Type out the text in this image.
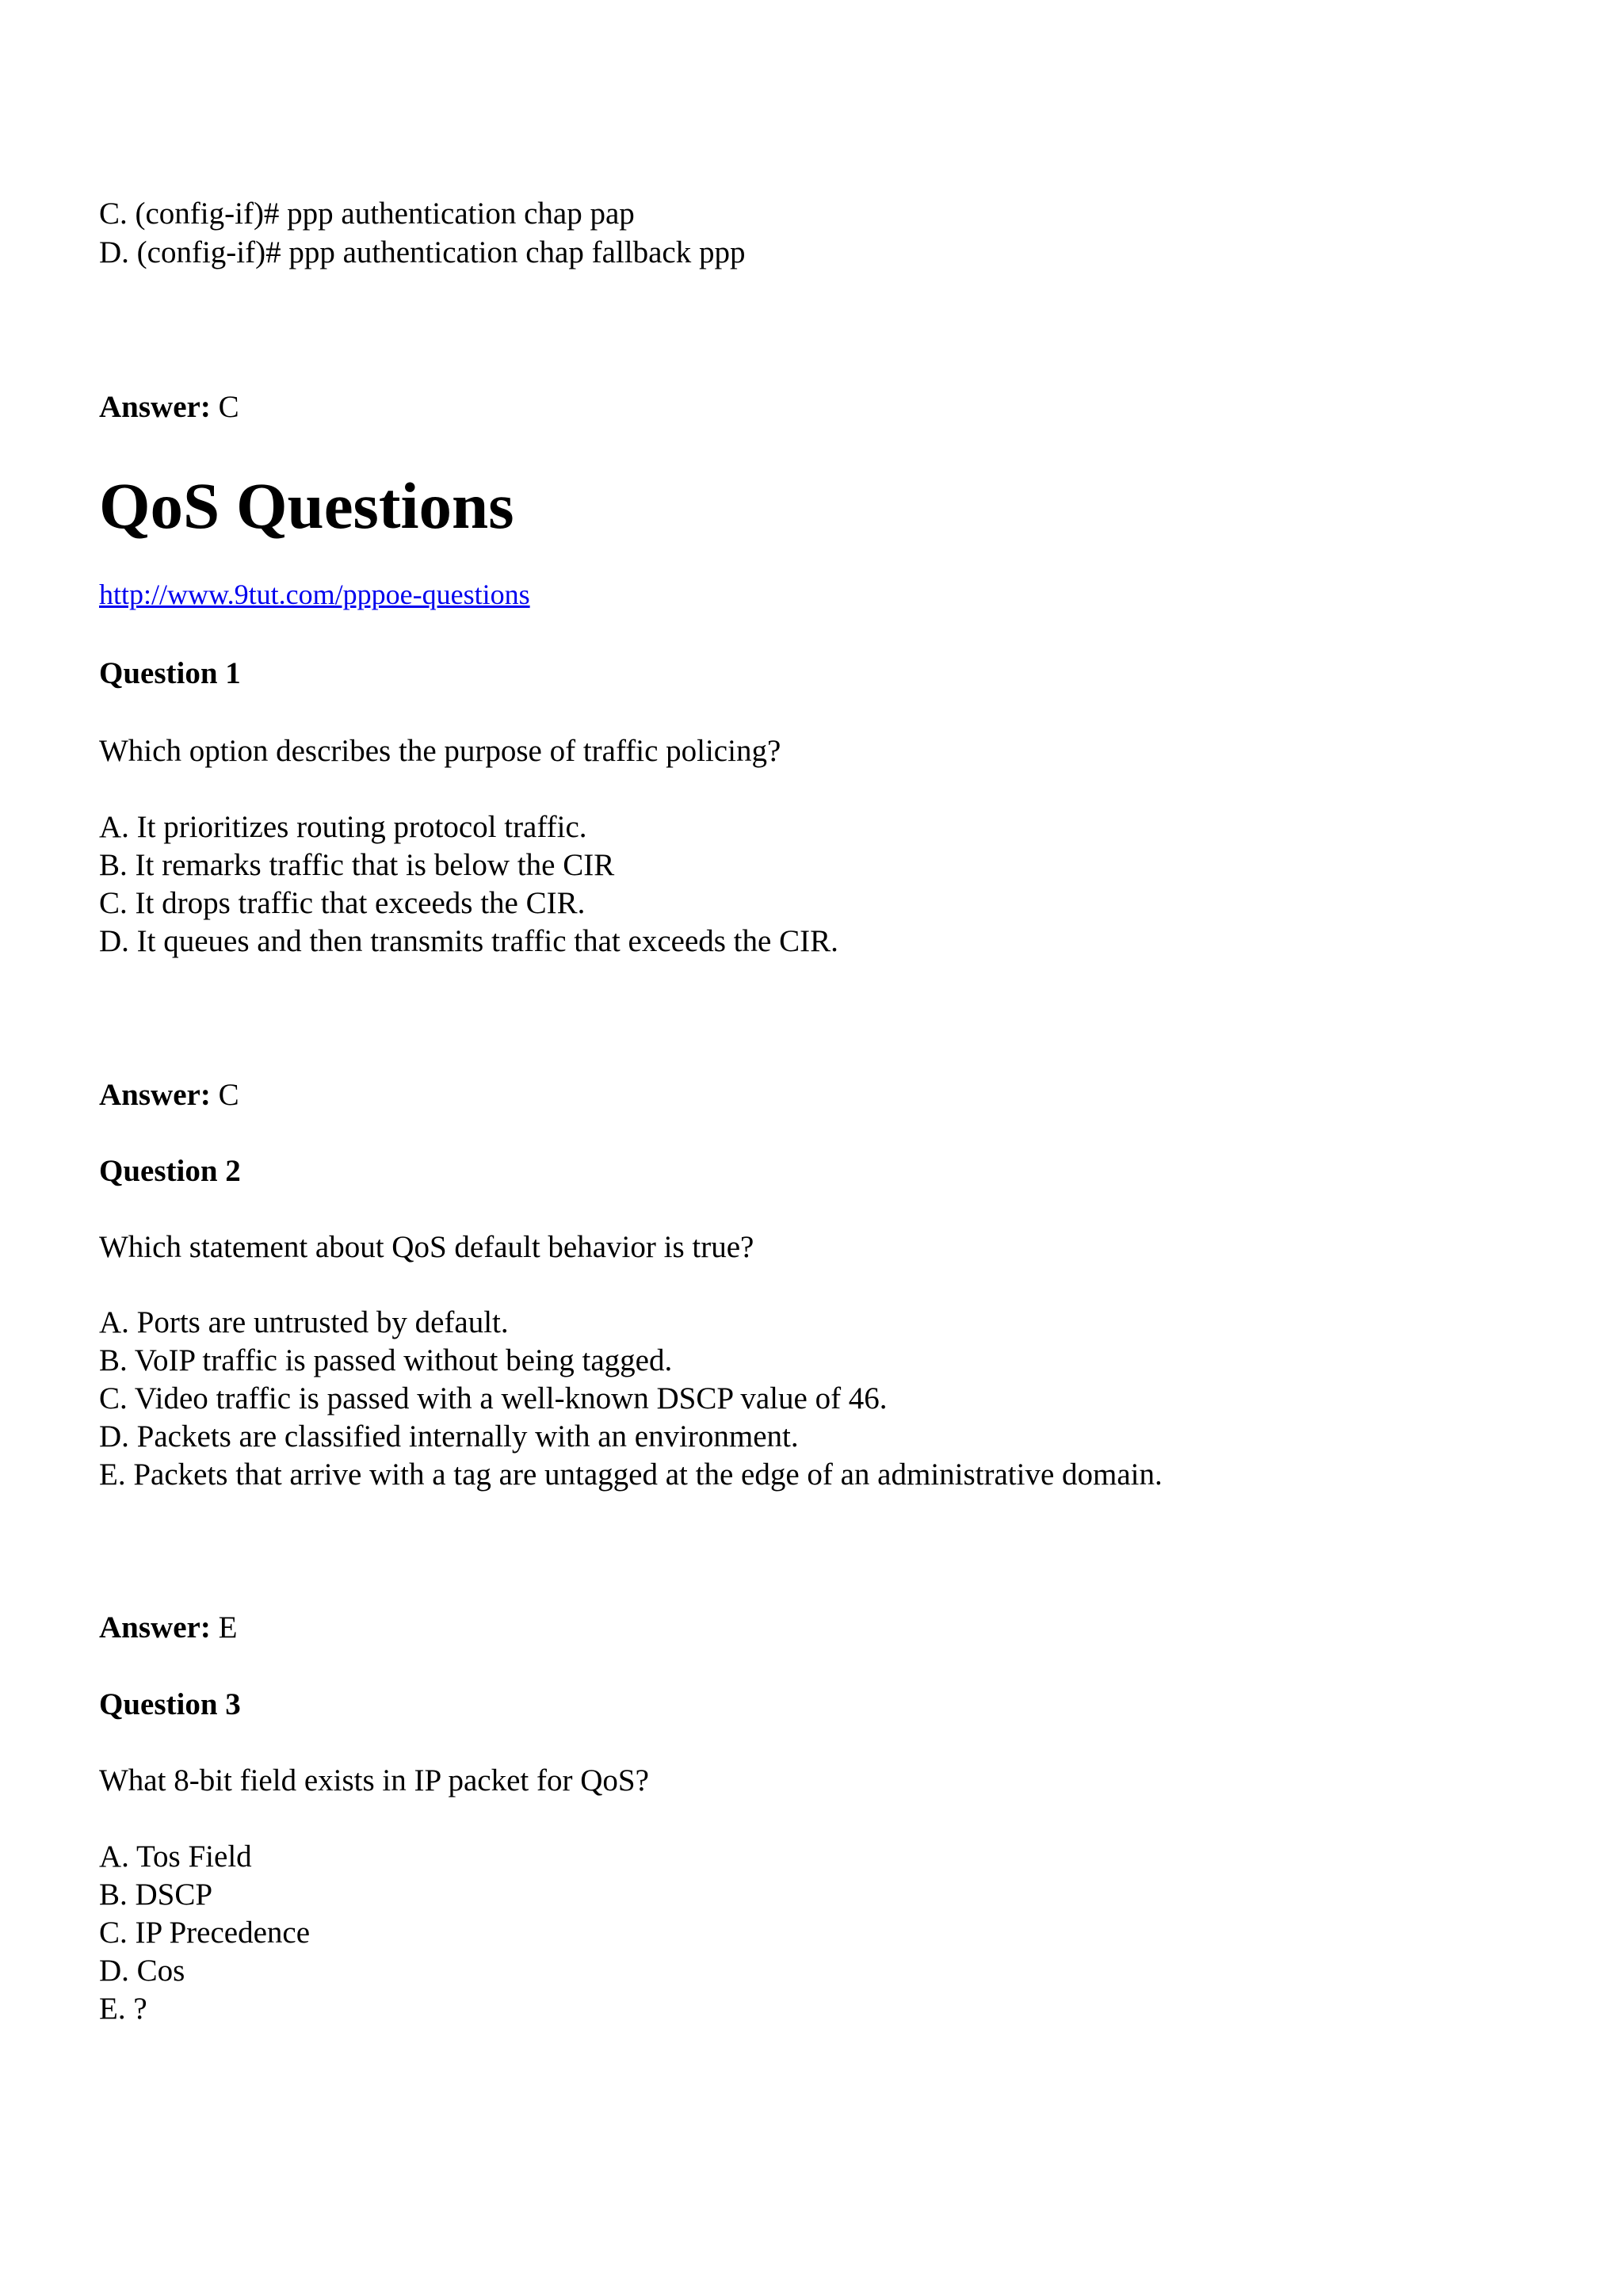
C. (config-if)# ppp authentication chap pap
D. (config-if)# ppp authentication chap fallback ppp
Answer: C
QoS Questions
http://www.9tut.com/pppoe-questions
Question 1
Which option describes the purpose of traffic policing?
A. It prioritizes routing protocol traffic.
B. It remarks traffic that is below the CIR
C. It drops traffic that exceeds the CIR.
D. It queues and then transmits traffic that exceeds the CIR.
Answer: C
Question 2
Which statement about QoS default behavior is true?
A. Ports are untrusted by default.
B. VoIP traffic is passed without being tagged.
C. Video traffic is passed with a well-known DSCP value of 46.
D. Packets are classified internally with an environment.
E. Packets that arrive with a tag are untagged at the edge of an administrative domain.
Answer: E
Question 3
What 8-bit field exists in IP packet for QoS?
A. Tos Field
B. DSCP
C. IP Precedence
D. Cos
E. ?
